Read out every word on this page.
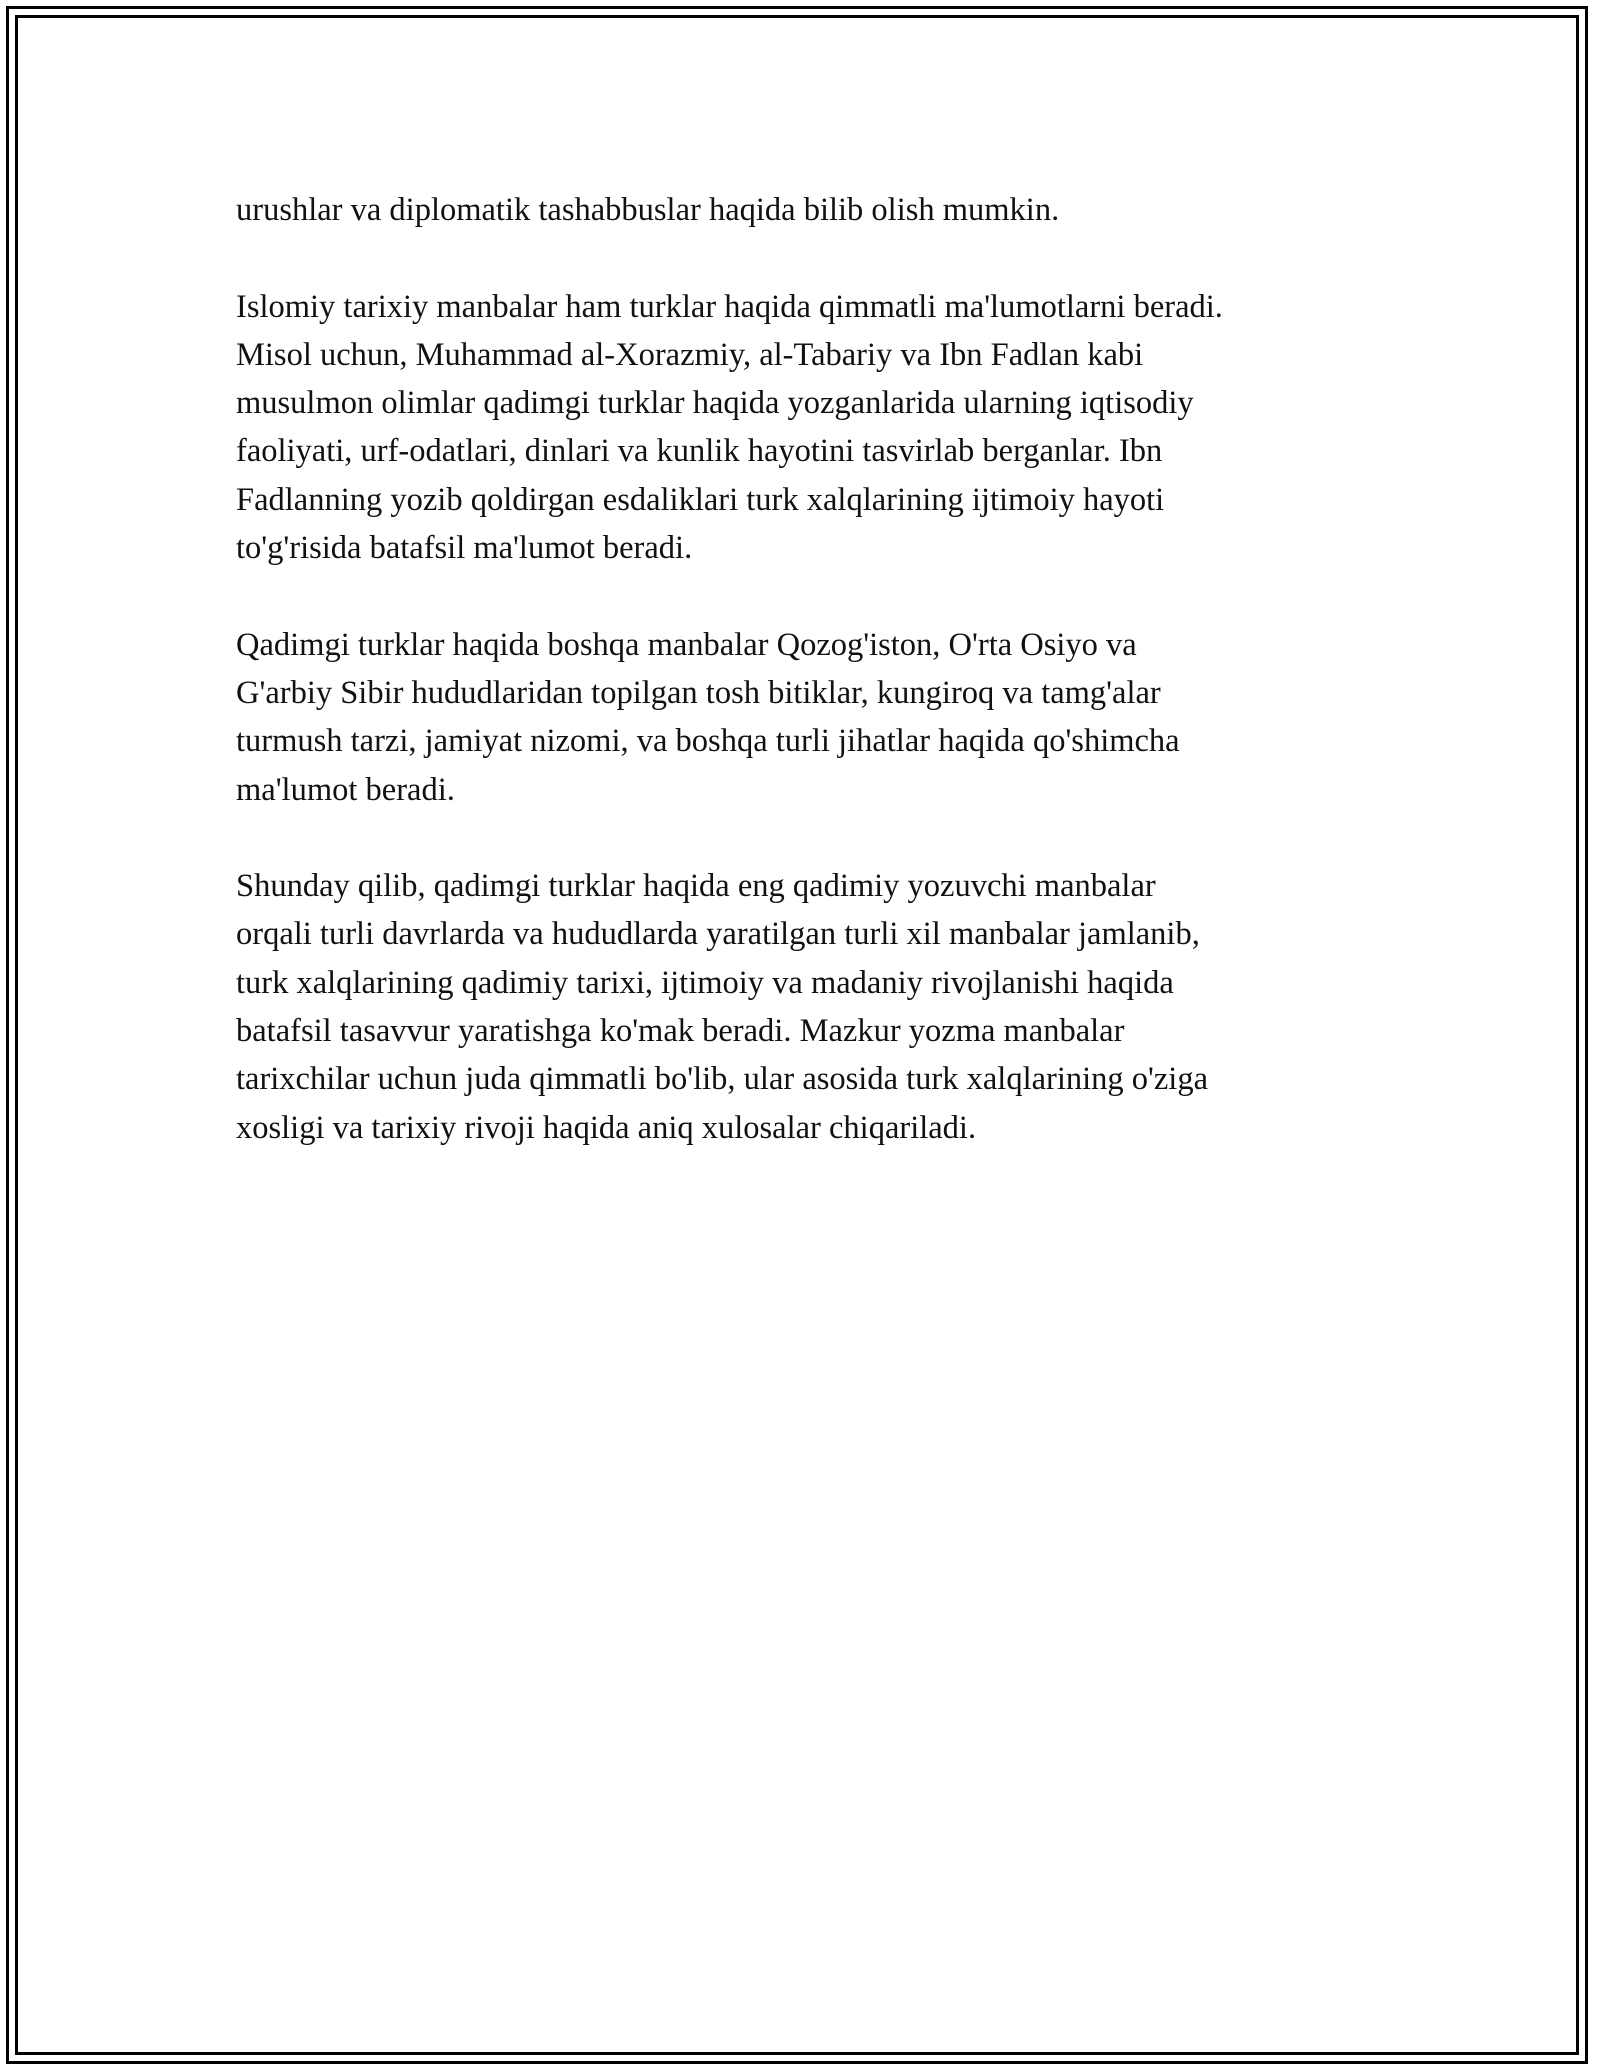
urushlar va diplomatik tashabbuslar haqida bilib olish mumkin.

Islomiy tarixiy manbalar ham turklar haqida qimmatli ma'lumotlarni beradi.
Misol uchun, Muhammad al-Xorazmiy, al-Tabariy va Ibn Fadlan kabi
musulmon olimlar qadimgi turklar haqida yozganlarida ularning iqtisodiy
faoliyati, urf-odatlari, dinlari va kunlik hayotini tasvirlab berganlar. Ibn
Fadlanning yozib qoldirgan esdaliklari turk xalqlarining ijtimoiy hayoti
to'g'risida batafsil ma'lumot beradi.

Qadimgi turklar haqida boshqa manbalar Qozog'iston, O'rta Osiyo va
G'arbiy Sibir hududlaridan topilgan tosh bitiklar, kungiroq va tamg'alar
turmush tarzi, jamiyat nizomi, va boshqa turli jihatlar haqida qo'shimcha
ma'lumot beradi.

Shunday qilib, qadimgi turklar haqida eng qadimiy yozuvchi manbalar
orqali turli davrlarda va hududlarda yaratilgan turli xil manbalar jamlanib,
turk xalqlarining qadimiy tarixi, ijtimoiy va madaniy rivojlanishi haqida
batafsil tasavvur yaratishga ko'mak beradi. Mazkur yozma manbalar
tarixchilar uchun juda qimmatli bo'lib, ular asosida turk xalqlarining o'ziga
xosligi va tarixiy rivoji haqida aniq xulosalar chiqariladi.
